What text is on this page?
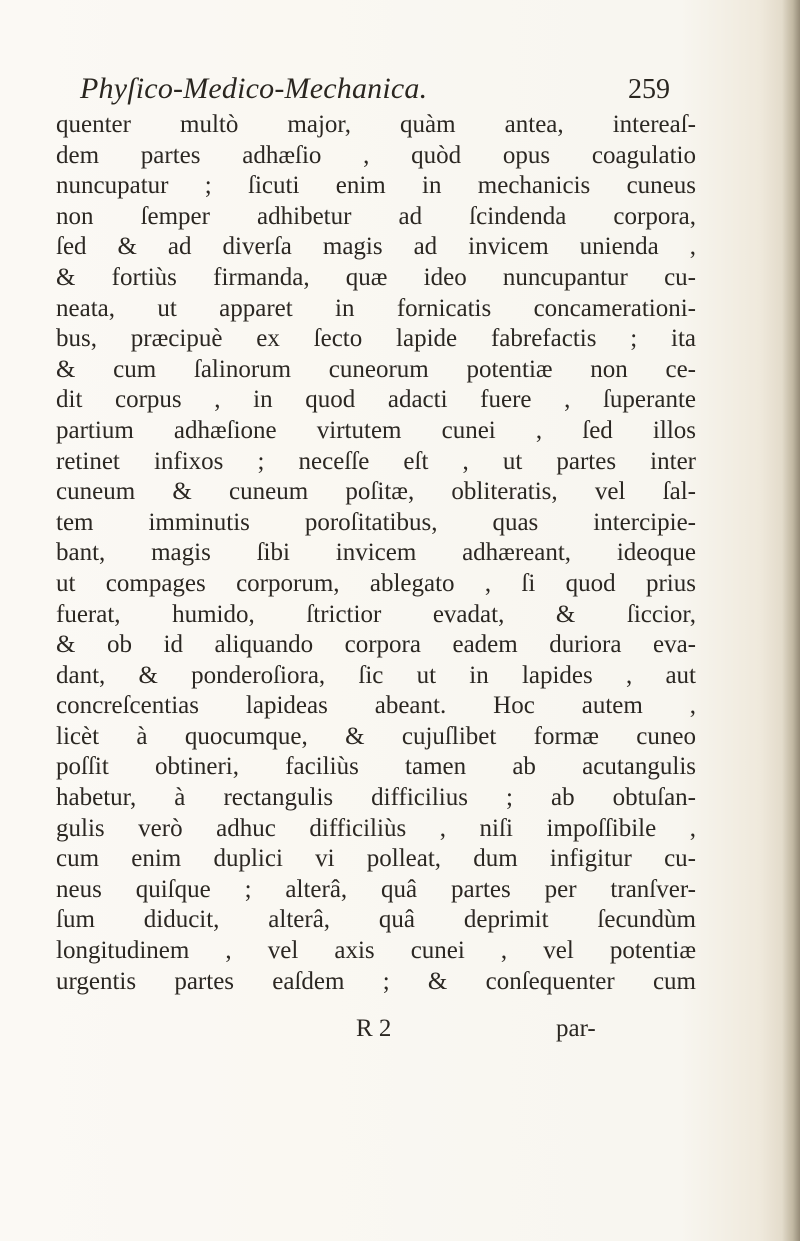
Phyſico-Medico-Mechanica.	259
quenter multò major, quàm antea, intereaſ-
dem partes adhæſio , quòd opus coagulatio
nuncupatur ; ſicuti enim in mechanicis cuneus
non ſemper adhibetur ad ſcindenda corpora,
ſed & ad diverſa magis ad invicem unienda ,
& fortiùs firmanda, quæ ideo nuncupantur cu-
neata, ut apparet in fornicatis concamerationi-
bus, præcipuè ex ſecto lapide fabrefactis ; ita
& cum ſalinorum cuneorum potentiæ non ce-
dit corpus , in quod adacti fuere , ſuperante
partium adhæſione virtutem cunei , ſed illos
retinet infixos ; neceſſe eſt , ut partes inter
cuneum & cuneum poſitæ, obliteratis, vel ſal-
tem imminutis poroſitatibus, quas intercipie-
bant, magis ſibi invicem adhæreant, ideoque
ut compages corporum, ablegato , ſi quod prius
fuerat, humido, ſtrictior evadat, & ſiccior,
& ob id aliquando corpora eadem duriora eva-
dant, & ponderoſiora, ſic ut in lapides , aut
concreſcentias lapideas abeant. Hoc autem ,
licèt à quocumque, & cujuſlibet formæ cuneo
poſſit obtineri, faciliùs tamen ab acutangulis
habetur, à rectangulis difficilius ; ab obtuſan-
gulis verò adhuc difficiliùs , niſi impoſſibile ,
cum enim duplici vi polleat, dum infigitur cu-
neus quiſque ; alterâ, quâ partes per tranſver-
ſum diducit, alterâ, quâ deprimit ſecundùm
longitudinem , vel axis cunei , vel potentiæ
urgentis partes eaſdem ; & conſequenter cum
R 2	par-
